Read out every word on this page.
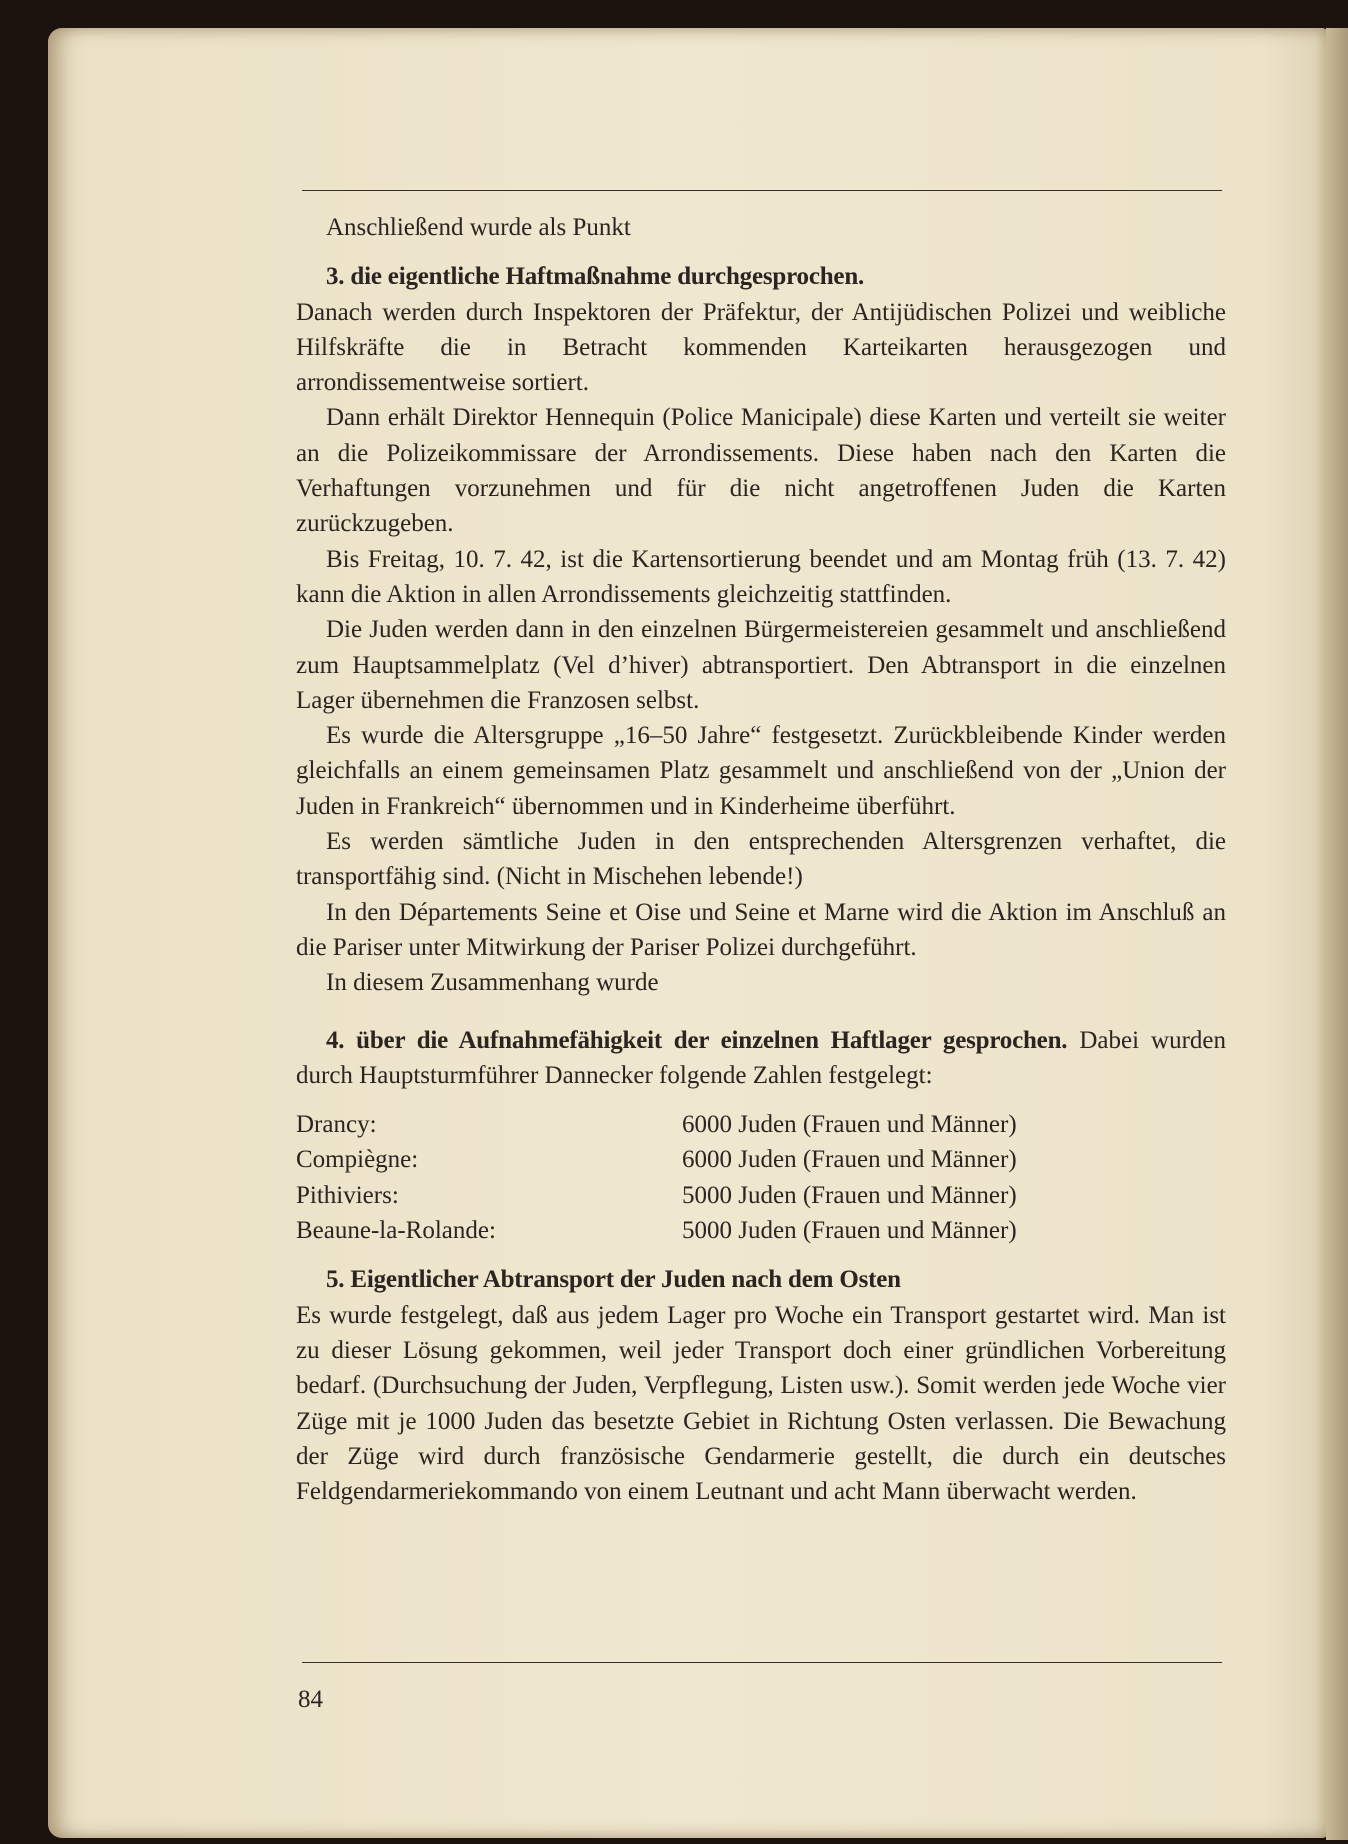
Anschließend wurde als Punkt

3. die eigentliche Haftmaßnahme durchgesprochen.

Danach werden durch Inspektoren der Präfektur, der Antijüdischen Polizei und weibliche Hilfskräfte die in Betracht kommenden Karteikarten herausgezogen und arrondissementweise sortiert.

Dann erhält Direktor Hennequin (Police Manicipale) diese Karten und verteilt sie weiter an die Polizeikommissare der Arrondissements. Diese haben nach den Karten die Verhaftungen vorzunehmen und für die nicht angetroffenen Juden die Karten zurückzugeben.

Bis Freitag, 10. 7. 42, ist die Kartensortierung beendet und am Montag früh (13. 7. 42) kann die Aktion in allen Arrondissements gleichzeitig stattfinden.

Die Juden werden dann in den einzelnen Bürgermeistereien gesammelt und anschließend zum Hauptsammelplatz (Vel d’hiver) abtransportiert. Den Abtransport in die einzelnen Lager übernehmen die Franzosen selbst.

Es wurde die Altersgruppe „16–50 Jahre“ festgesetzt. Zurückbleibende Kinder werden gleichfalls an einem gemeinsamen Platz gesammelt und anschließend von der „Union der Juden in Frankreich“ übernommen und in Kinderheime überführt.

Es werden sämtliche Juden in den entsprechenden Altersgrenzen verhaftet, die transportfähig sind. (Nicht in Mischehen lebende!)

In den Départements Seine et Oise und Seine et Marne wird die Aktion im Anschluß an die Pariser unter Mitwirkung der Pariser Polizei durchgeführt.

In diesem Zusammenhang wurde

4. über die Aufnahmefähigkeit der einzelnen Haftlager gesprochen. Dabei wurden durch Hauptsturmführer Dannecker folgende Zahlen festgelegt:

Drancy:	6000 Juden (Frauen und Männer)
Compiègne:	6000 Juden (Frauen und Männer)
Pithiviers:	5000 Juden (Frauen und Männer)
Beaune-la-Rolande:	5000 Juden (Frauen und Männer)

5. Eigentlicher Abtransport der Juden nach dem Osten

Es wurde festgelegt, daß aus jedem Lager pro Woche ein Transport gestartet wird. Man ist zu dieser Lösung gekommen, weil jeder Transport doch einer gründlichen Vorbereitung bedarf. (Durchsuchung der Juden, Verpflegung, Listen usw.). Somit werden jede Woche vier Züge mit je 1000 Juden das besetzte Gebiet in Richtung Osten verlassen. Die Bewachung der Züge wird durch französische Gendarmerie gestellt, die durch ein deutsches Feldgendarmeriekommando von einem Leutnant und acht Mann überwacht werden.

84
